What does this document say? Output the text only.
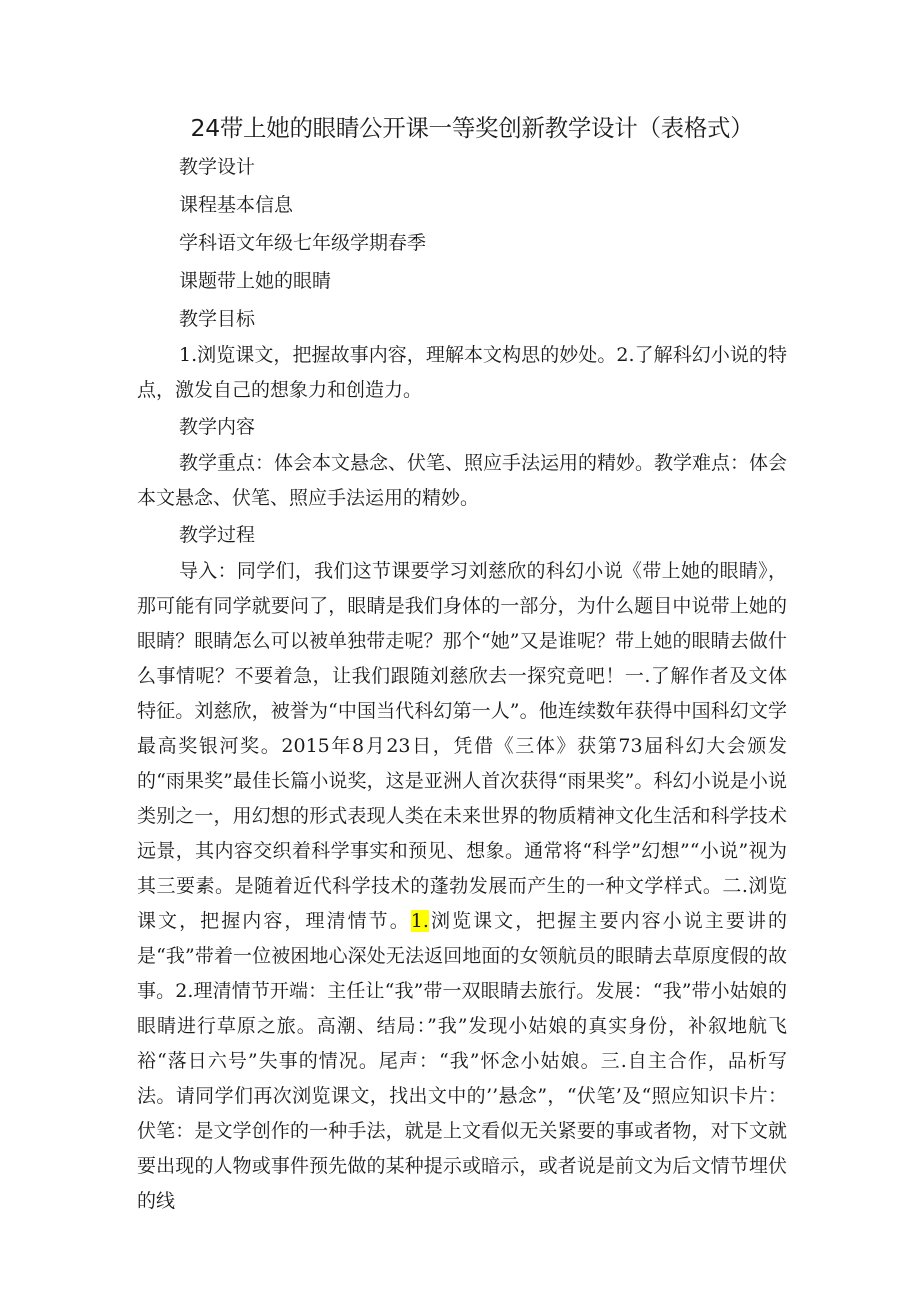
24带上她的眼睛公开课一等奖创新教学设计（表格式）
教学设计
课程基本信息
学科语文年级七年级学期春季
课题带上她的眼睛
教学目标

1.浏览课文，把握故事内容，理解本文构思的妙处。2.了解科幻小说的特点，激发自己的想象力和创造力。

教学内容

教学重点：体会本文悬念、伏笔、照应手法运用的精妙。教学难点：体会本文悬念、伏笔、照应手法运用的精妙。

教学过程

导入：同学们，我们这节课要学习刘慈欣的科幻小说《带上她的眼睛》，那可能有同学就要问了，眼睛是我们身体的一部分，为什么题目中说带上她的眼睛？眼睛怎么可以被单独带走呢？那个“她”又是谁呢？带上她的眼睛去做什么事情呢？不要着急，让我们跟随刘慈欣去一探究竟吧！一.了解作者及文体特征。刘慈欣，被誉为“中国当代科幻第一人”。他连续数年获得中国科幻文学最高奖银河奖。2015年8月23日，凭借《三体》获第73届科幻大会颁发的“雨果奖”最佳长篇小说奖，这是亚洲人首次获得“雨果奖”。科幻小说是小说类别之一，用幻想的形式表现人类在未来世界的物质精神文化生活和科学技术远景，其内容交织着科学事实和预见、想象。通常将“科学”幻想”“小说”视为其三要素。是随着近代科学技术的蓬勃发展而产生的一种文学样式。二.浏览课文，把握内容，理清情节。1.浏览课文，把握主要内容小说主要讲的是“我”带着一位被困地心深处无法返回地面的女领航员的眼睛去草原度假的故事。2.理清情节开端：主任让“我”带一双眼睛去旅行。发展：“我”带小姑娘的眼睛进行草原之旅。高潮、结局：”我”发现小姑娘的真实身份，补叙地航飞裕“落日六号”失事的情况。尾声：“我”怀念小姑娘。三.自主合作，品析写法。请同学们再次浏览课文，找出文中的’’悬念”，“伏笔’及“照应知识卡片：伏笔：是文学创作的一种手法，就是上文看似无关紧要的事或者物，对下文就要出现的人物或事件预先做的某种提示或暗示，或者说是前文为后文情节埋伏的线
